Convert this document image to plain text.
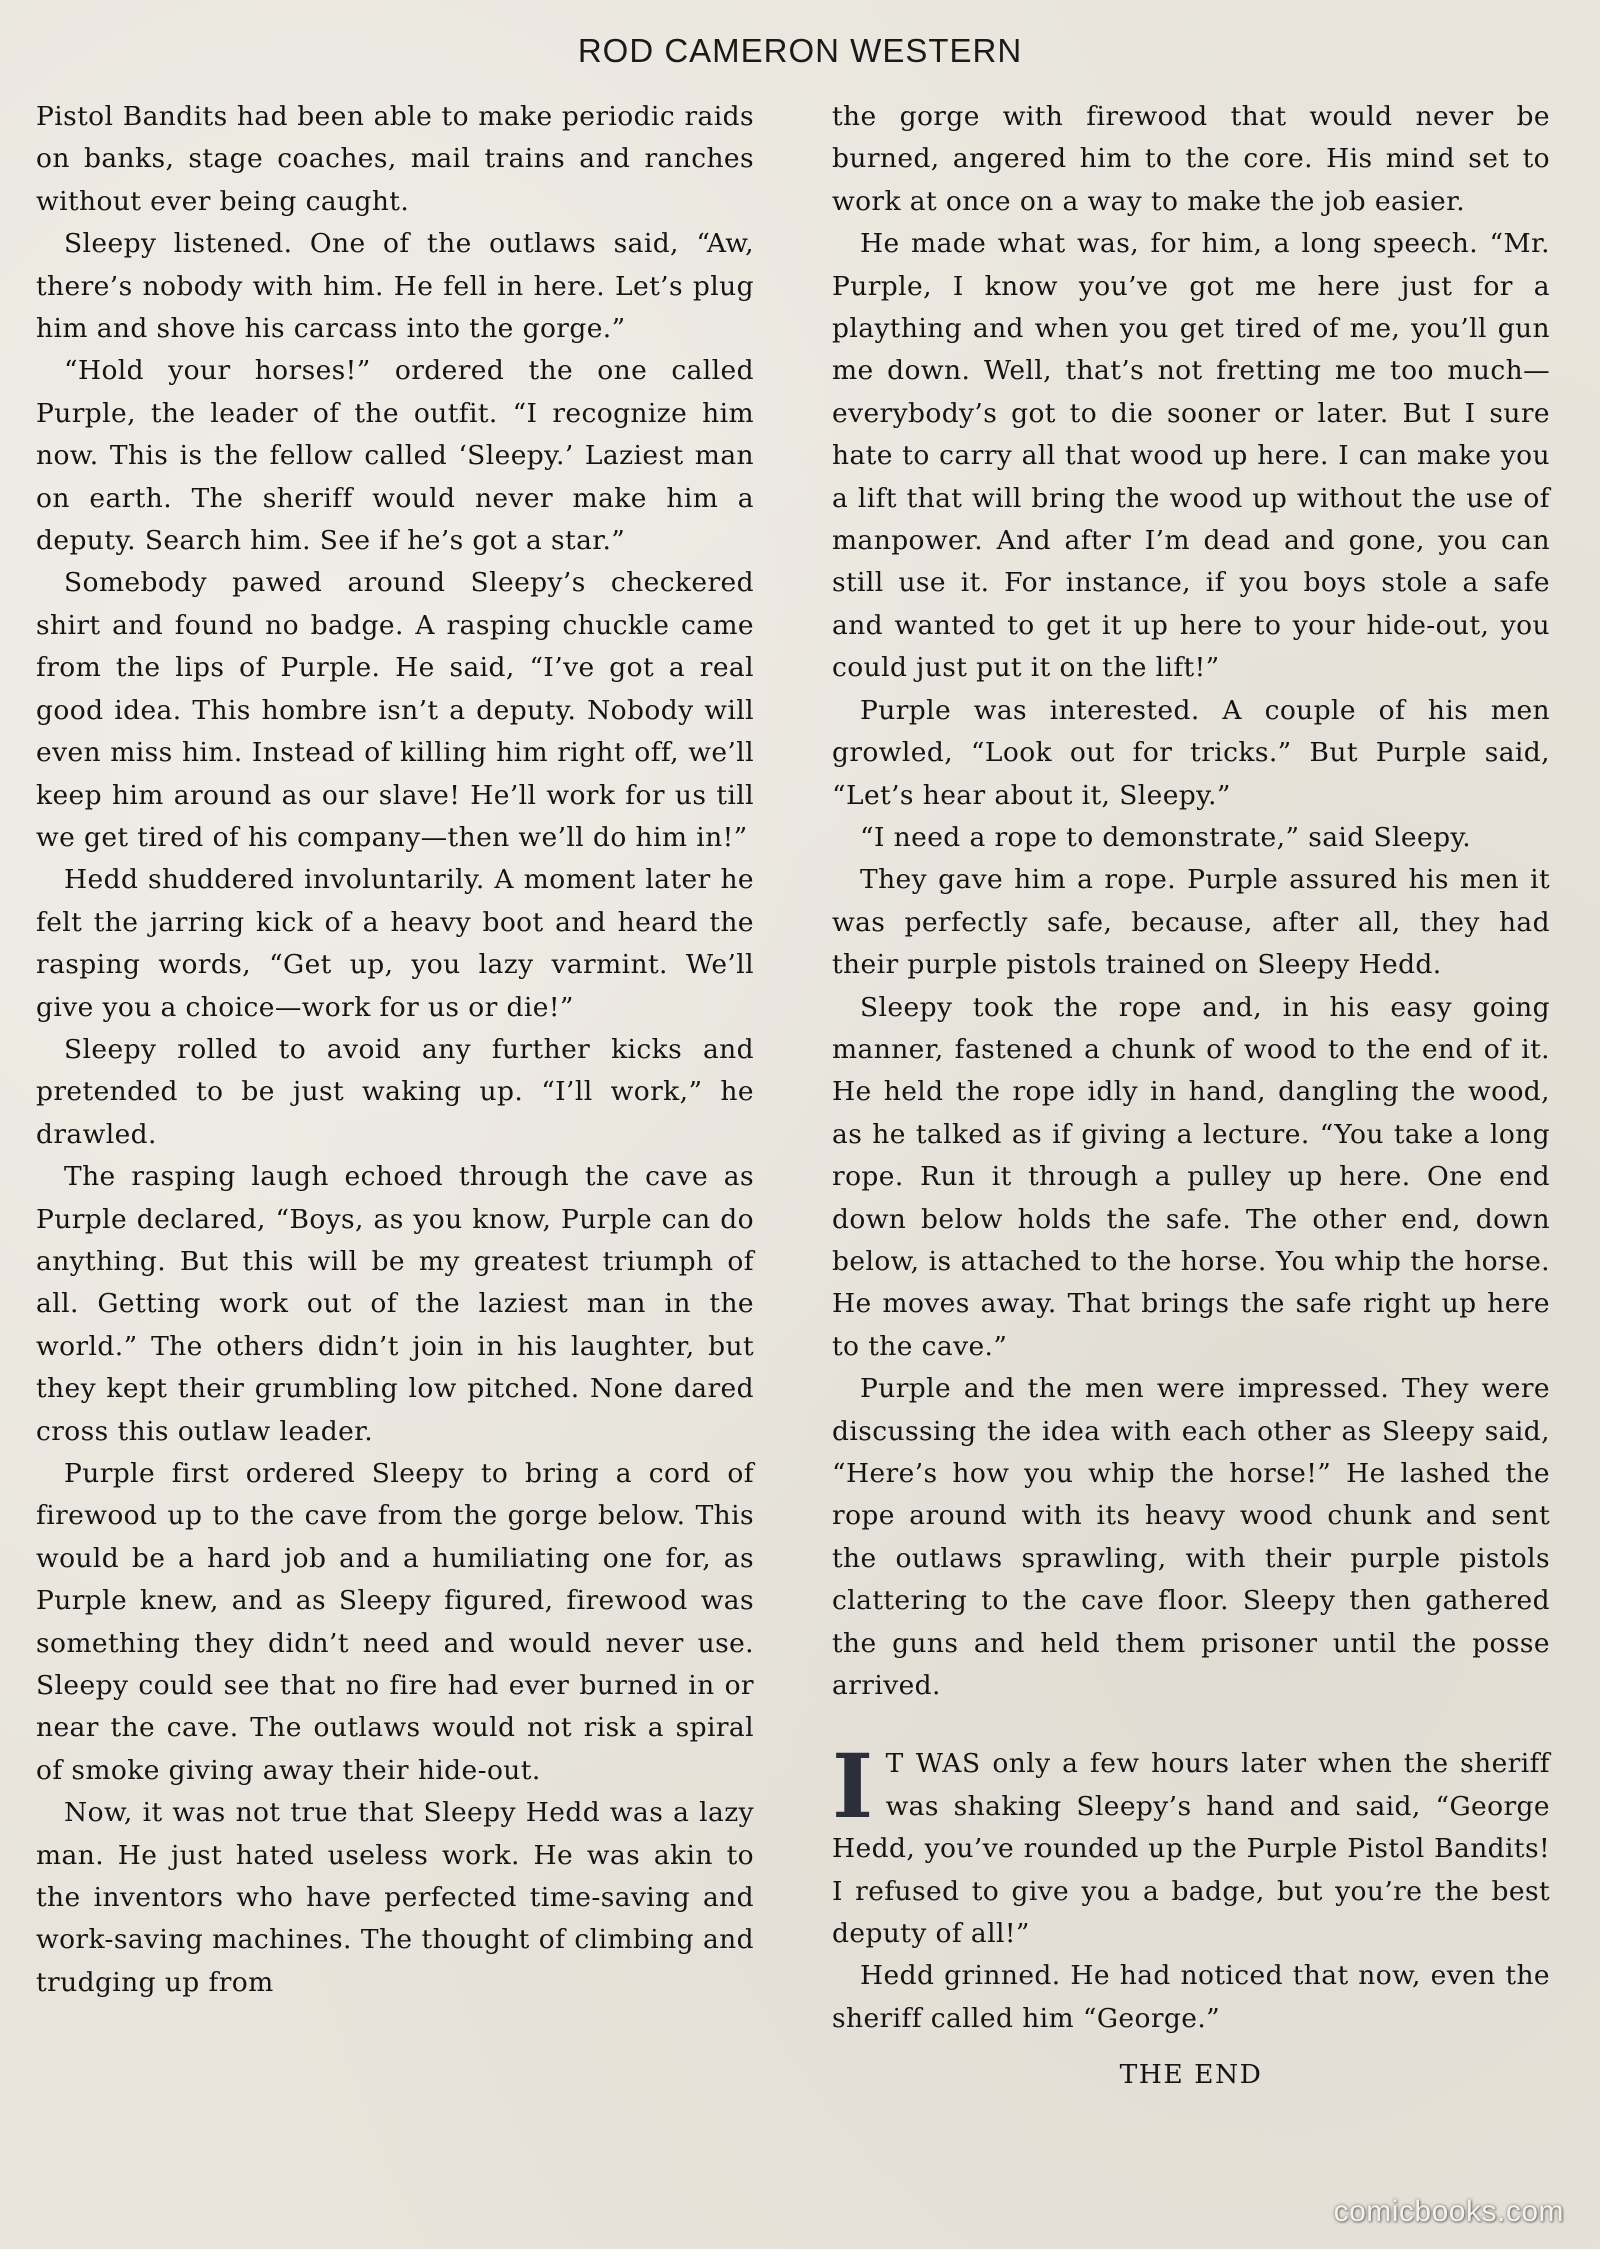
ROD CAMERON WESTERN

Pistol Bandits had been able to make periodic raids on banks, stage coaches, mail trains and ranches without ever being caught.

Sleepy listened. One of the outlaws said, “Aw, there’s nobody with him. He fell in here. Let’s plug him and shove his carcass into the gorge.”

“Hold your horses!” ordered the one called Purple, the leader of the outfit. “I recognize him now. This is the fellow called ‘Sleepy.’ Laziest man on earth. The sheriff would never make him a deputy. Search him. See if he’s got a star.”

Somebody pawed around Sleepy’s checkered shirt and found no badge. A rasping chuckle came from the lips of Purple. He said, “I’ve got a real good idea. This hombre isn’t a deputy. Nobody will even miss him. Instead of killing him right off, we’ll keep him around as our slave! He’ll work for us till we get tired of his company—then we’ll do him in!”

Hedd shuddered involuntarily. A moment later he felt the jarring kick of a heavy boot and heard the rasping words, “Get up, you lazy varmint. We’ll give you a choice—work for us or die!”

Sleepy rolled to avoid any further kicks and pretended to be just waking up. “I’ll work,” he drawled.

The rasping laugh echoed through the cave as Purple declared, “Boys, as you know, Purple can do anything. But this will be my greatest triumph of all. Getting work out of the laziest man in the world.” The others didn’t join in his laughter, but they kept their grumbling low pitched. None dared cross this outlaw leader.

Purple first ordered Sleepy to bring a cord of firewood up to the cave from the gorge below. This would be a hard job and a humiliating one for, as Purple knew, and as Sleepy figured, firewood was something they didn’t need and would never use. Sleepy could see that no fire had ever burned in or near the cave. The outlaws would not risk a spiral of smoke giving away their hide-out.

Now, it was not true that Sleepy Hedd was a lazy man. He just hated useless work. He was akin to the inventors who have perfected time-saving and work-saving machines. The thought of climbing and trudging up from

the gorge with firewood that would never be burned, angered him to the core. His mind set to work at once on a way to make the job easier.

He made what was, for him, a long speech. “Mr. Purple, I know you’ve got me here just for a plaything and when you get tired of me, you’ll gun me down. Well, that’s not fretting me too much—everybody’s got to die sooner or later. But I sure hate to carry all that wood up here. I can make you a lift that will bring the wood up without the use of manpower. And after I’m dead and gone, you can still use it. For instance, if you boys stole a safe and wanted to get it up here to your hide-out, you could just put it on the lift!”

Purple was interested. A couple of his men growled, “Look out for tricks.” But Purple said, “Let’s hear about it, Sleepy.”

“I need a rope to demonstrate,” said Sleepy.

They gave him a rope. Purple assured his men it was perfectly safe, because, after all, they had their purple pistols trained on Sleepy Hedd.

Sleepy took the rope and, in his easy going manner, fastened a chunk of wood to the end of it. He held the rope idly in hand, dangling the wood, as he talked as if giving a lecture. “You take a long rope. Run it through a pulley up here. One end down below holds the safe. The other end, down below, is attached to the horse. You whip the horse. He moves away. That brings the safe right up here to the cave.”

Purple and the men were impressed. They were discussing the idea with each other as Sleepy said, “Here’s how you whip the horse!” He lashed the rope around with its heavy wood chunk and sent the outlaws sprawling, with their purple pistols clattering to the cave floor. Sleepy then gathered the guns and held them prisoner until the posse arrived.

I T WAS only a few hours later when the sheriff was shaking Sleepy’s hand and said, “George Hedd, you’ve rounded up the Purple Pistol Bandits! I refused to give you a badge, but you’re the best deputy of all!”

Hedd grinned. He had noticed that now, even the sheriff called him “George.”

THE END

comicbooks.com
